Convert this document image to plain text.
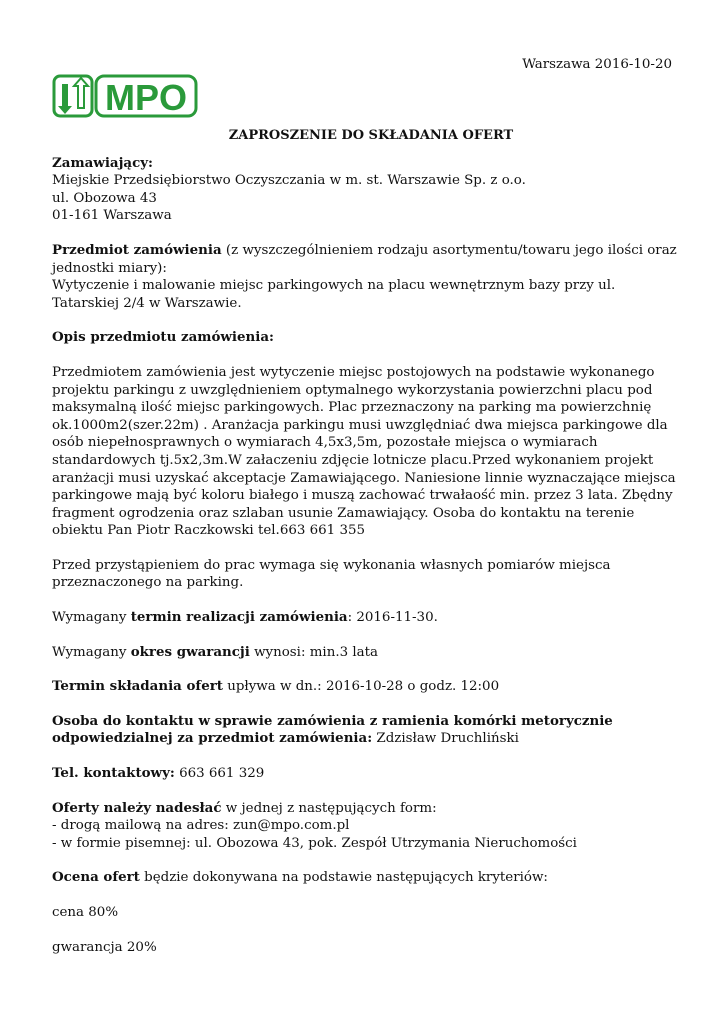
Warszawa 2016-10-20
MPO

ZAPROSZENIE DO SKŁADANIA OFERT

Zamawiający:

Miejskie Przedsiębiorstwo Oczyszczania w m. st. Warszawie Sp. z o.o.

ul. Obozowa 43

01-161 Warszawa

Przedmiot zamówienia (z wyszczególnieniem rodzaju asortymentu/towaru jego ilości oraz jednostki miary):

Wytyczenie i malowanie miejsc parkingowych na placu wewnętrznym bazy przy ul. Tatarskiej 2/4 w Warszawie.

Opis przedmiotu zamówienia:

Przedmiotem zamówienia jest wytyczenie miejsc postojowych na podstawie wykonanego projektu parkingu z uwzględnieniem optymalnego wykorzystania powierzchni placu pod maksymalną ilość miejsc parkingowych. Plac przeznaczony na parking ma powierzchnię ok.1000m2(szer.22m) . Aranżacja parkingu musi uwzględniać dwa miejsca parkingowe dla osób niepełnosprawnych o wymiarach 4,5x3,5m, pozostałe miejsca o wymiarach standardowych tj.5x2,3m.W załaczeniu zdjęcie lotnicze placu.Przed wykonaniem projekt aranżacji musi uzyskać akceptacje Zamawiającego. Naniesione linnie wyznaczające miejsca parkingowe mają być koloru białego i muszą zachować trwałaość min. przez 3 lata. Zbędny fragment ogrodzenia oraz szlaban usunie Zamawiający. Osoba do kontaktu na terenie obiektu Pan Piotr Raczkowski tel.663 661 355

Przed przystąpieniem do prac wymaga się wykonania własnych pomiarów miejsca przeznaczonego na parking.

Wymagany termin realizacji zamówienia: 2016-11-30.

Wymagany okres gwarancji wynosi: min.3 lata

Termin składania ofert upływa w dn.: 2016-10-28 o godz. 12:00

Osoba do kontaktu w sprawie zamówienia z ramienia komórki metorycznie odpowiedzialnej za przedmiot zamówienia: Zdzisław Druchliński

Tel. kontaktowy: 663 661 329

Oferty należy nadesłać w jednej z następujących form:

- drogą mailową na adres: zun@mpo.com.pl

- w formie pisemnej: ul. Obozowa 43, pok. Zespół Utrzymania Nieruchomości

Ocena ofert będzie dokonywana na podstawie następujących kryteriów:

cena 80%

gwarancja 20%
